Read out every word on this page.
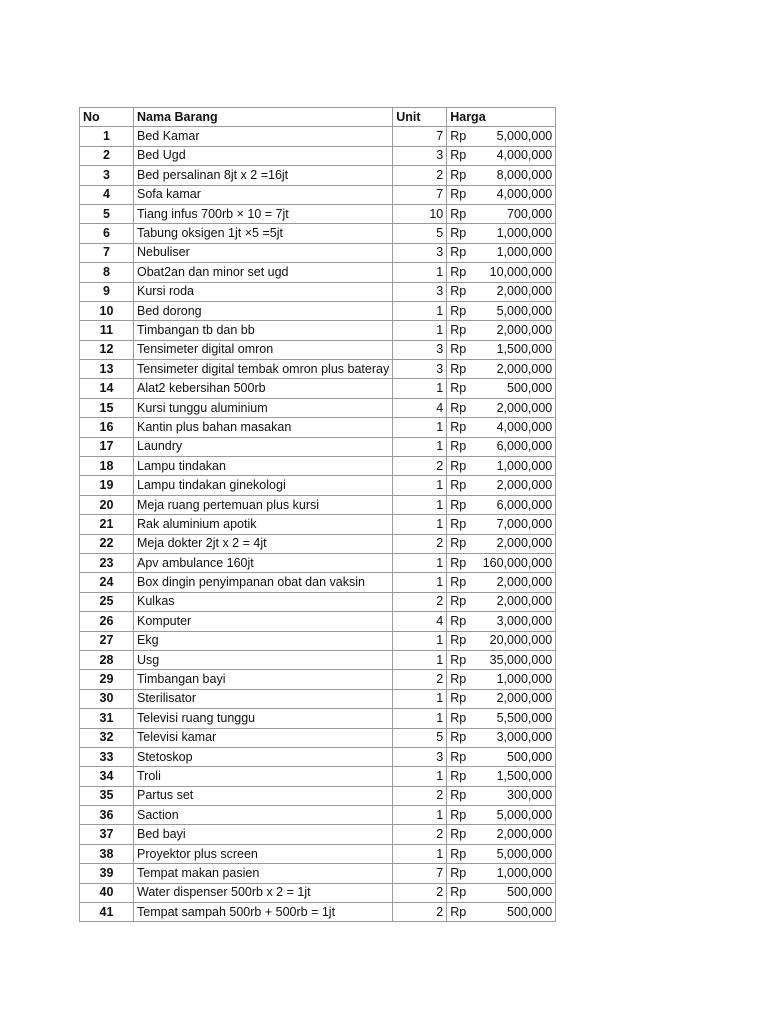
No	Nama Barang	Unit	Harga	
1	Bed Kamar	7	Rp	5,000,000
2	Bed Ugd	3	Rp	4,000,000
3	Bed persalinan 8jt x 2 =16jt	2	Rp	8,000,000
4	Sofa kamar	7	Rp	4,000,000
5	Tiang infus 700rb × 10 = 7jt	10	Rp	700,000
6	Tabung oksigen 1jt ×5 =5jt	5	Rp	1,000,000
7	Nebuliser	3	Rp	1,000,000
8	Obat2an dan minor set ugd	1	Rp	10,000,000
9	Kursi roda	3	Rp	2,000,000
10	Bed dorong	1	Rp	5,000,000
11	Timbangan tb dan bb	1	Rp	2,000,000
12	Tensimeter digital omron	3	Rp	1,500,000
13	Tensimeter digital tembak omron plus bateray	3	Rp	2,000,000
14	Alat2 kebersihan 500rb	1	Rp	500,000
15	Kursi tunggu aluminium	4	Rp	2,000,000
16	Kantin plus bahan masakan	1	Rp	4,000,000
17	Laundry	1	Rp	6,000,000
18	Lampu tindakan	2	Rp	1,000,000
19	Lampu tindakan ginekologi	1	Rp	2,000,000
20	Meja ruang pertemuan plus kursi	1	Rp	6,000,000
21	Rak aluminium apotik	1	Rp	7,000,000
22	Meja dokter 2jt x 2 = 4jt	2	Rp	2,000,000
23	Apv ambulance 160jt	1	Rp	160,000,000
24	Box dingin penyimpanan obat dan vaksin	1	Rp	2,000,000
25	Kulkas	2	Rp	2,000,000
26	Komputer	4	Rp	3,000,000
27	Ekg	1	Rp	20,000,000
28	Usg	1	Rp	35,000,000
29	Timbangan bayi	2	Rp	1,000,000
30	Sterilisator	1	Rp	2,000,000
31	Televisi ruang tunggu	1	Rp	5,500,000
32	Televisi kamar	5	Rp	3,000,000
33	Stetoskop	3	Rp	500,000
34	Troli	1	Rp	1,500,000
35	Partus set	2	Rp	300,000
36	Saction	1	Rp	5,000,000
37	Bed bayi	2	Rp	2,000,000
38	Proyektor plus screen	1	Rp	5,000,000
39	Tempat makan pasien	7	Rp	1,000,000
40	Water dispenser 500rb x 2 = 1jt	2	Rp	500,000
41	Tempat sampah 500rb + 500rb = 1jt	2	Rp	500,000
